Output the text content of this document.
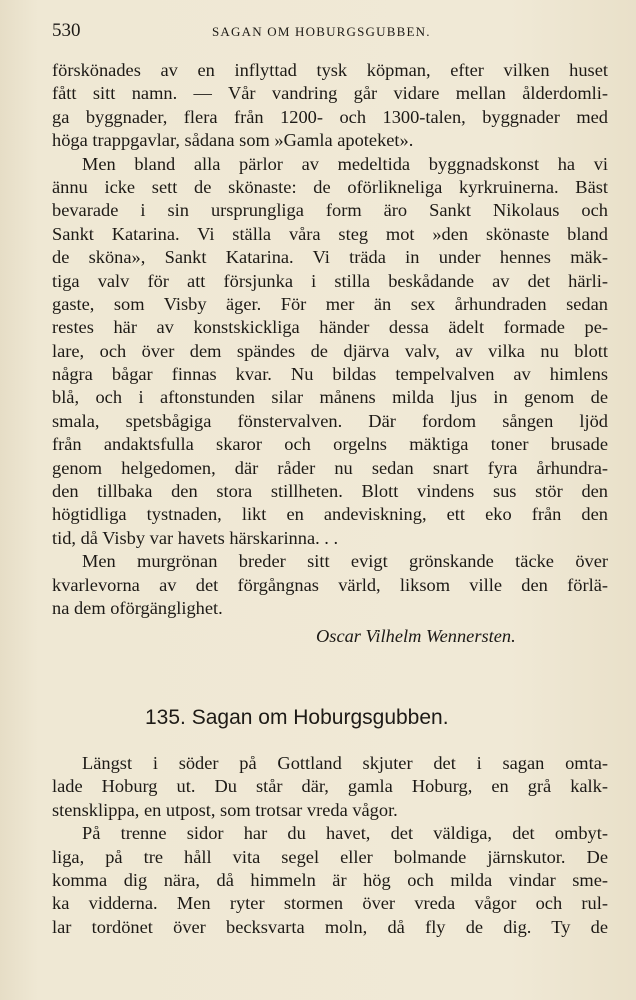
530	SAGAN OM HOBURGSGUBBEN.
förskönades av en inflyttad tysk köpman, efter vilken huset
fått sitt namn. — Vår vandring går vidare mellan ålderdomli-
ga byggnader, flera från 1200- och 1300-talen, byggnader med
höga trappgavlar, sådana som »Gamla apoteket».
Men bland alla pärlor av medeltida byggnadskonst ha vi
ännu icke sett de skönaste: de oförlikneliga kyrkruinerna. Bäst
bevarade i sin ursprungliga form äro Sankt Nikolaus och
Sankt Katarina. Vi ställa våra steg mot »den skönaste bland
de sköna», Sankt Katarina. Vi träda in under hennes mäk-
tiga valv för att försjunka i stilla beskådande av det härli-
gaste, som Visby äger. För mer än sex århundraden sedan
restes här av konstskickliga händer dessa ädelt formade pe-
lare, och över dem spändes de djärva valv, av vilka nu blott
några bågar finnas kvar. Nu bildas tempelvalven av himlens
blå, och i aftonstunden silar månens milda ljus in genom de
smala, spetsbågiga fönstervalven. Där fordom sången ljöd
från andaktsfulla skaror och orgelns mäktiga toner brusade
genom helgedomen, där råder nu sedan snart fyra århundra-
den tillbaka den stora stillheten. Blott vindens sus stör den
högtidliga tystnaden, likt en andeviskning, ett eko från den
tid, då Visby var havets härskarinna. . .
Men murgrönan breder sitt evigt grönskande täcke över
kvarlevorna av det förgångnas värld, liksom ville den förlä-
na dem oförgänglighet.
Oscar Vilhelm Wennersten.
135. Sagan om Hoburgsgubben.
Längst i söder på Gottland skjuter det i sagan omta-
lade Hoburg ut. Du står där, gamla Hoburg, en grå kalk-
stensklippa, en utpost, som trotsar vreda vågor.
På trenne sidor har du havet, det väldiga, det ombyt-
liga, på tre håll vita segel eller bolmande järnskutor. De
komma dig nära, då himmeln är hög och milda vindar sme-
ka vidderna. Men ryter stormen över vreda vågor och rul-
lar tordönet över becksvarta moln, då fly de dig. Ty de
